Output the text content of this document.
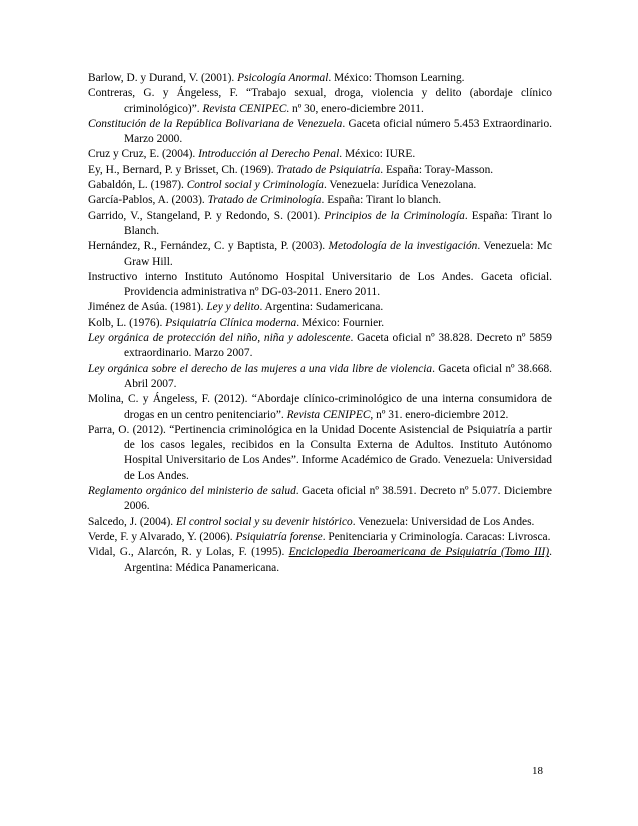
Barlow, D. y Durand, V. (2001). Psicología Anormal. México: Thomson Learning.

Contreras, G. y Ángeless, F. “Trabajo sexual, droga, violencia y delito (abordaje clínico criminológico)”. Revista CENIPEC. nº 30, enero-diciembre 2011.

Constitución de la República Bolivariana de Venezuela. Gaceta oficial número 5.453 Extraordinario. Marzo 2000.

Cruz y Cruz, E. (2004). Introducción al Derecho Penal. México: IURE.

Ey, H., Bernard, P. y Brisset, Ch. (1969). Tratado de Psiquiatría. España: Toray-Masson.

Gabaldón, L. (1987). Control social y Criminología. Venezuela: Jurídica Venezolana.

García-Pablos, A. (2003). Tratado de Criminología. España: Tirant lo blanch.

Garrido, V., Stangeland, P. y Redondo, S. (2001). Principios de la Criminología. España: Tirant lo Blanch.

Hernández, R., Fernández, C. y Baptista, P. (2003). Metodología de la investigación. Venezuela: Mc Graw Hill.

Instructivo interno Instituto Autónomo Hospital Universitario de Los Andes. Gaceta oficial. Providencia administrativa nº DG-03-2011. Enero 2011.

Jiménez de Asúa. (1981). Ley y delito. Argentina: Sudamericana.

Kolb, L. (1976). Psiquiatría Clínica moderna. México: Fournier.

Ley orgánica de protección del niño, niña y adolescente. Gaceta oficial nº 38.828. Decreto nº 5859 extraordinario. Marzo 2007.

Ley orgánica sobre el derecho de las mujeres a una vida libre de violencia. Gaceta oficial nº 38.668. Abril 2007.

Molina, C. y Ángeless, F. (2012). “Abordaje clínico-criminológico de una interna consumidora de drogas en un centro penitenciario”. Revista CENIPEC, nº 31. enero-diciembre 2012.

Parra, O. (2012). “Pertinencia criminológica en la Unidad Docente Asistencial de Psiquiatría a partir de los casos legales, recibidos en la Consulta Externa de Adultos. Instituto Autónomo Hospital Universitario de Los Andes”. Informe Académico de Grado. Venezuela: Universidad de Los Andes.

Reglamento orgánico del ministerio de salud. Gaceta oficial nº 38.591. Decreto nº 5.077. Diciembre 2006.

Salcedo, J. (2004). El control social y su devenir histórico. Venezuela: Universidad de Los Andes.

Verde, F. y Alvarado, Y. (2006). Psiquiatría forense. Penitenciaria y Criminología. Caracas: Livrosca.

Vidal, G., Alarcón, R. y Lolas, F. (1995). Enciclopedia Iberoamericana de Psiquiatría (Tomo III). Argentina: Médica Panamericana.

18
